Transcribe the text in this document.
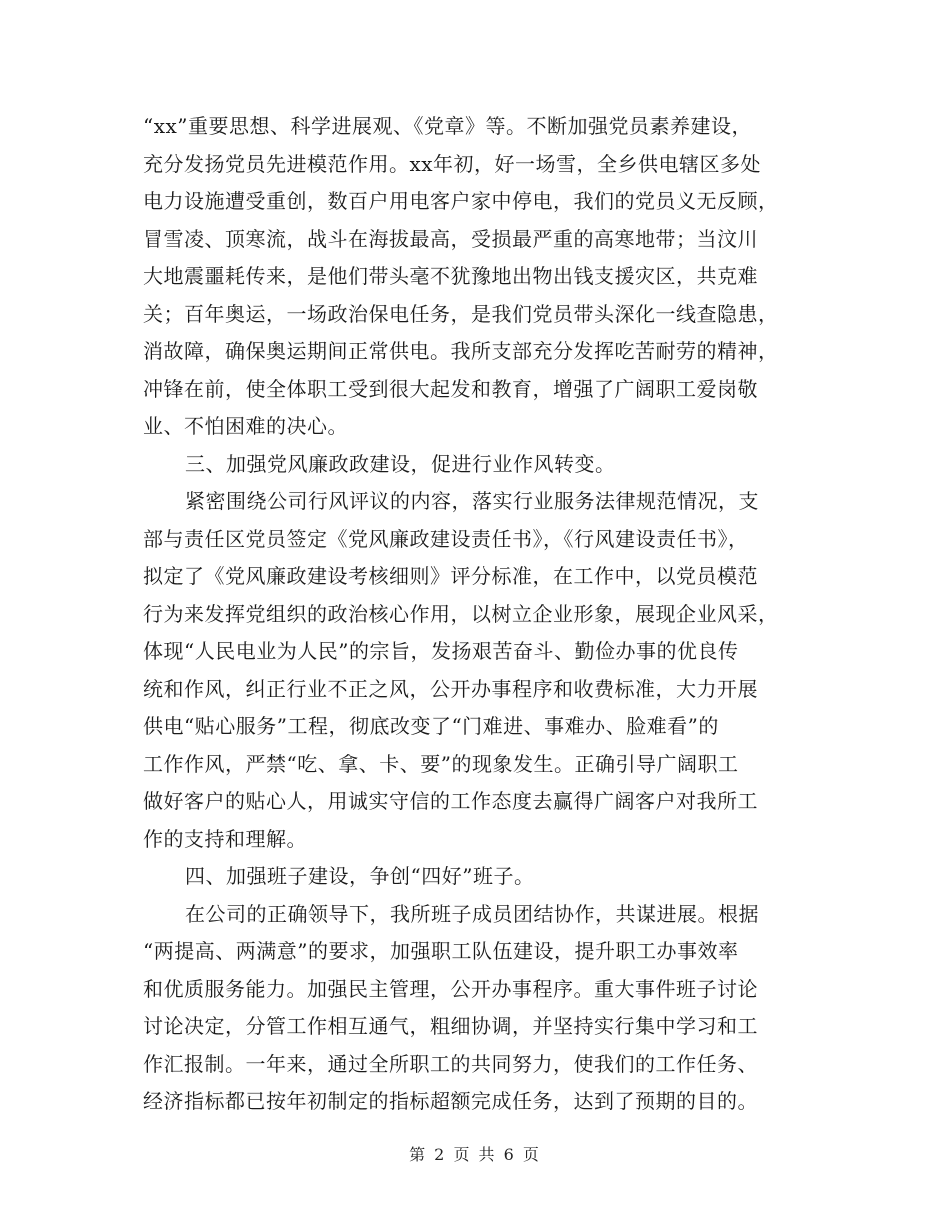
“xx”重要思想、科学进展观、《党章》等。不断加强党员素养建设，
充分发扬党员先进模范作用。xx年初，好一场雪，全乡供电辖区多处
电力设施遭受重创，数百户用电客户家中停电，我们的党员义无反顾，
冒雪凌、顶寒流，战斗在海拔最高，受损最严重的高寒地带；当汶川
大地震噩耗传来，是他们带头毫不犹豫地出物出钱支援灾区，共克难
关；百年奥运，一场政治保电任务，是我们党员带头深化一线查隐患，
消故障，确保奥运期间正常供电。我所支部充分发挥吃苦耐劳的精神，
冲锋在前，使全体职工受到很大起发和教育，增强了广阔职工爱岗敬
业、不怕困难的决心。
三、加强党风廉政政建设，促进行业作风转变。
紧密围绕公司行风评议的内容，落实行业服务法律规范情况，支
部与责任区党员签定《党风廉政建设责任书》，《行风建设责任书》，
拟定了《党风廉政建设考核细则》评分标准，在工作中，以党员模范
行为来发挥党组织的政治核心作用，以树立企业形象，展现企业风采，
体现“人民电业为人民”的宗旨，发扬艰苦奋斗、勤俭办事的优良传
统和作风，纠正行业不正之风，公开办事程序和收费标准，大力开展
供电“贴心服务”工程，彻底改变了“门难进、事难办、脸难看”的
工作作风，严禁“吃、拿、卡、要”的现象发生。正确引导广阔职工
做好客户的贴心人，用诚实守信的工作态度去赢得广阔客户对我所工
作的支持和理解。
四、加强班子建设，争创“四好”班子。
在公司的正确领导下，我所班子成员团结协作，共谋进展。根据
“两提高、两满意”的要求，加强职工队伍建设，提升职工办事效率
和优质服务能力。加强民主管理，公开办事程序。重大事件班子讨论
讨论决定，分管工作相互通气，粗细协调，并坚持实行集中学习和工
作汇报制。一年来，通过全所职工的共同努力，使我们的工作任务、
经济指标都已按年初制定的指标超额完成任务，达到了预期的目的。
第 2 页 共 6 页
